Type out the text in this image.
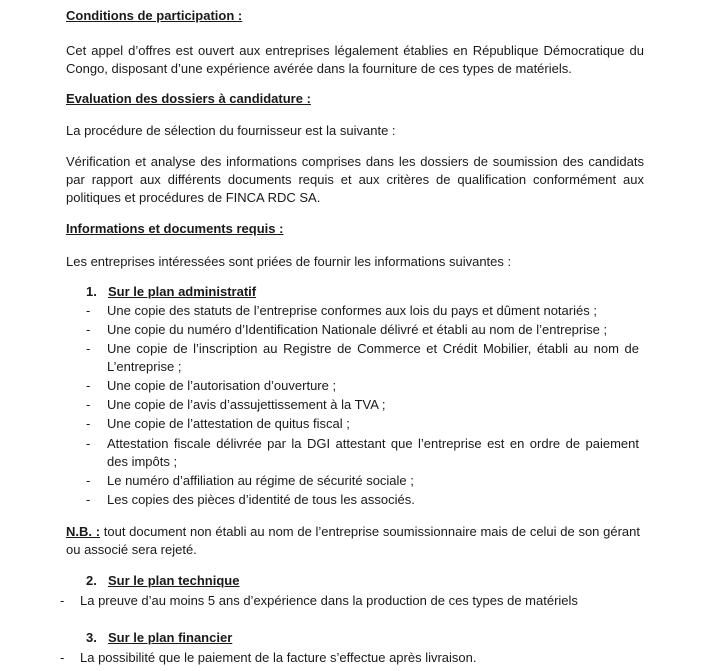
Conditions de participation :

Cet appel d’offres est ouvert aux entreprises légalement établies en République Démocratique du Congo, disposant d’une expérience avérée dans la fourniture de ces types de matériels.

Evaluation des dossiers à candidature :

La procédure de sélection du fournisseur est la suivante :

Vérification et analyse des informations comprises dans les dossiers de soumission des candidats par rapport aux différents documents requis et aux critères de qualification conformément aux politiques et procédures de FINCA RDC SA.

Informations et documents requis :

Les entreprises intéressées sont priées de fournir les informations suivantes :

1. Sur le plan administratif
- Une copie des statuts de l’entreprise conformes aux lois du pays et dûment notariés ;
- Une copie du numéro d’Identification Nationale délivré et établi au nom de l’entreprise ;
- Une copie de l’inscription au Registre de Commerce et Crédit Mobilier, établi au nom de L’entreprise ;
- Une copie de l’autorisation d’ouverture ;
- Une copie de l’avis d’assujettissement à la TVA ;
- Une copie de l’attestation de quitus fiscal ;
- Attestation fiscale délivrée par la DGI attestant que l’entreprise est en ordre de paiement des impôts ;
- Le numéro d’affiliation au régime de sécurité sociale ;
- Les copies des pièces d’identité de tous les associés.

N.B. : tout document non établi au nom de l’entreprise soumissionnaire mais de celui de son gérant ou associé sera rejeté.

2. Sur le plan technique
- La preuve d’au moins 5 ans d’expérience dans la production de ces types de matériels
3. Sur le plan financier
- La possibilité que le paiement de la facture s’effectue après livraison.
